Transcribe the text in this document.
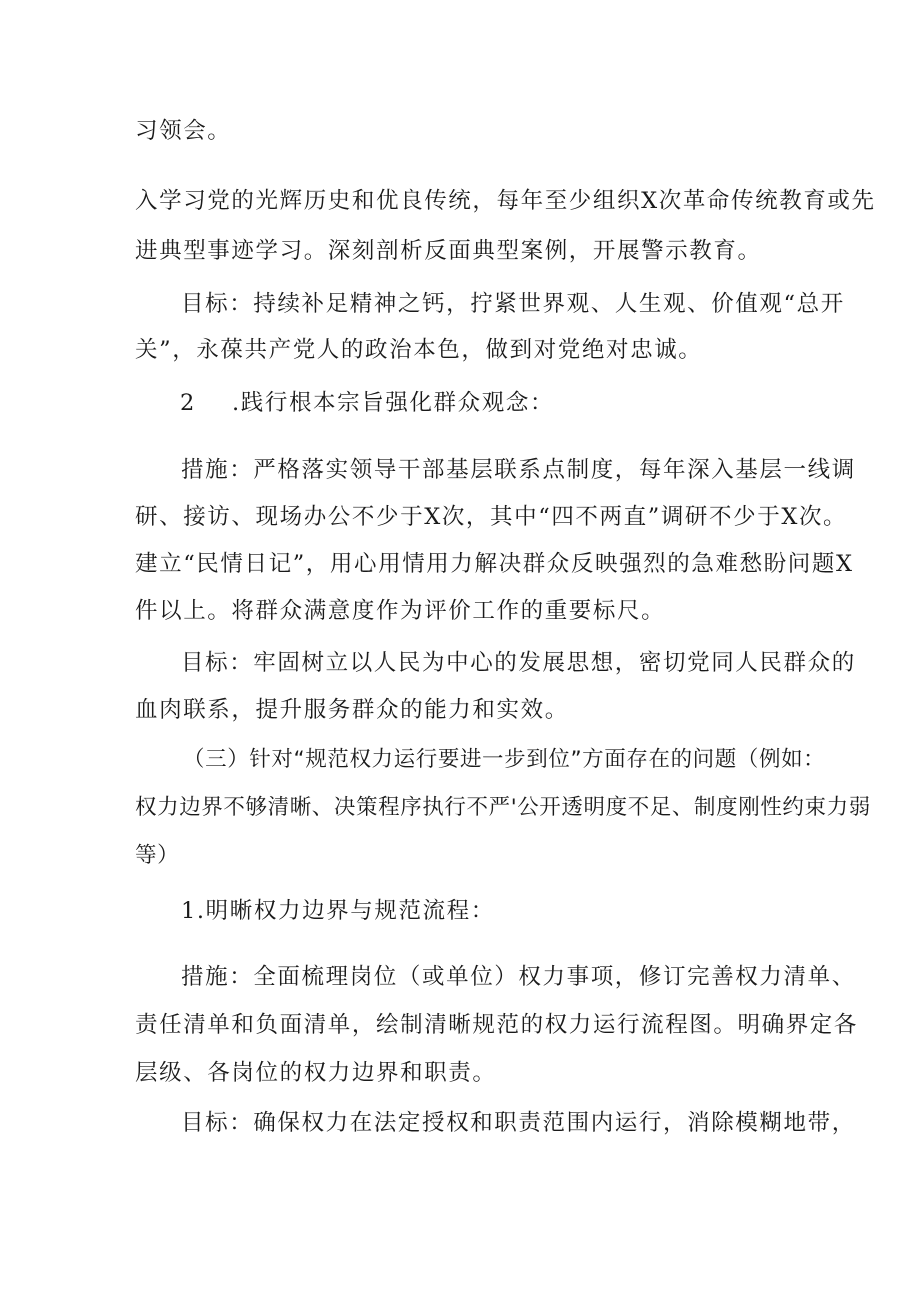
习领会。
入学习党的光辉历史和优良传统，每年至少组织X次革命传统教育或先
进典型事迹学习。深刻剖析反面典型案例，开展警示教育。
目标：持续补足精神之钙，拧紧世界观、人生观、价值观“总开
关”，永葆共产党人的政治本色，做到对党绝对忠诚。
2 .践行根本宗旨强化群众观念：
措施：严格落实领导干部基层联系点制度，每年深入基层一线调
研、接访、现场办公不少于X次，其中“四不两直”调研不少于X次。
建立“民情日记”，用心用情用力解决群众反映强烈的急难愁盼问题X
件以上。将群众满意度作为评价工作的重要标尺。
目标：牢固树立以人民为中心的发展思想，密切党同人民群众的
血肉联系，提升服务群众的能力和实效。
（三）针对“规范权力运行要进一步到位”方面存在的问题（例如：
权力边界不够清晰、决策程序执行不严'公开透明度不足、制度刚性约束力弱
等）
1.明晰权力边界与规范流程：
措施：全面梳理岗位（或单位）权力事项，修订完善权力清单、
责任清单和负面清单，绘制清晰规范的权力运行流程图。明确界定各
层级、各岗位的权力边界和职责。
目标：确保权力在法定授权和职责范围内运行，消除模糊地带，
